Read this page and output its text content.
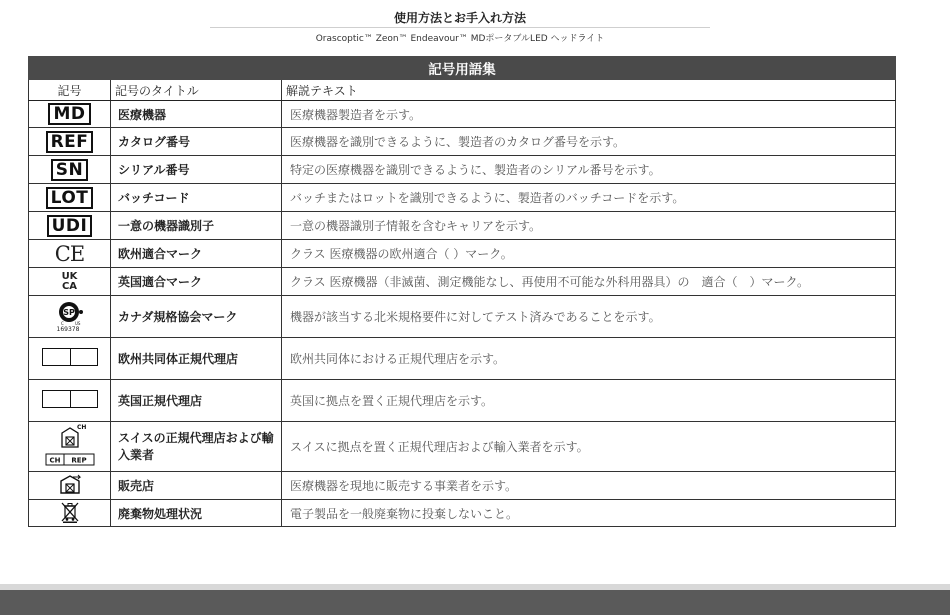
使用方法とお手入れ方法
Orascoptic™ Zeon™ Endeavour™ MDポータブルLED ヘッドライト
記号用語集		
記号	記号のタイトル	解説テキスト
MD	医療機器	医療機器製造者を示す。
REF	カタログ番号	医療機器を識別できるように、製造者のカタログ番号を示す。
SN	シリアル番号	特定の医療機器を識別できるように、製造者のシリアル番号を示す。
LOT	バッチコード	バッチまたはロットを識別できるように、製造者のバッチコードを示す。
UDI	一意の機器識別子	一意の機器識別子情報を含むキャリアを示す。
CE	欧州適合マーク	クラス 医療機器の欧州適合（ ）マーク。
UK
CA	英国適合マーク	クラス 医療機器（非滅菌、測定機能なし、再使用不可能な外科用器具）の　適合（　）マーク。

SP
C US
169378	カナダ規格協会マーク	機器が該当する北米規格要件に対してテスト済みであることを示す。
	欧州共同体正規代理店	欧州共同体における正規代理店を示す。
	英国正規代理店	英国に拠点を置く正規代理店を示す。

CH
CH REP	スイスの正規代理店および輸入業者	スイスに拠点を置く正規代理店および輸入業者を示す。
	販売店	医療機器を現地に販売する事業者を示す。
	廃棄物処理状況	電子製品を一般廃棄物に投棄しないこと。
